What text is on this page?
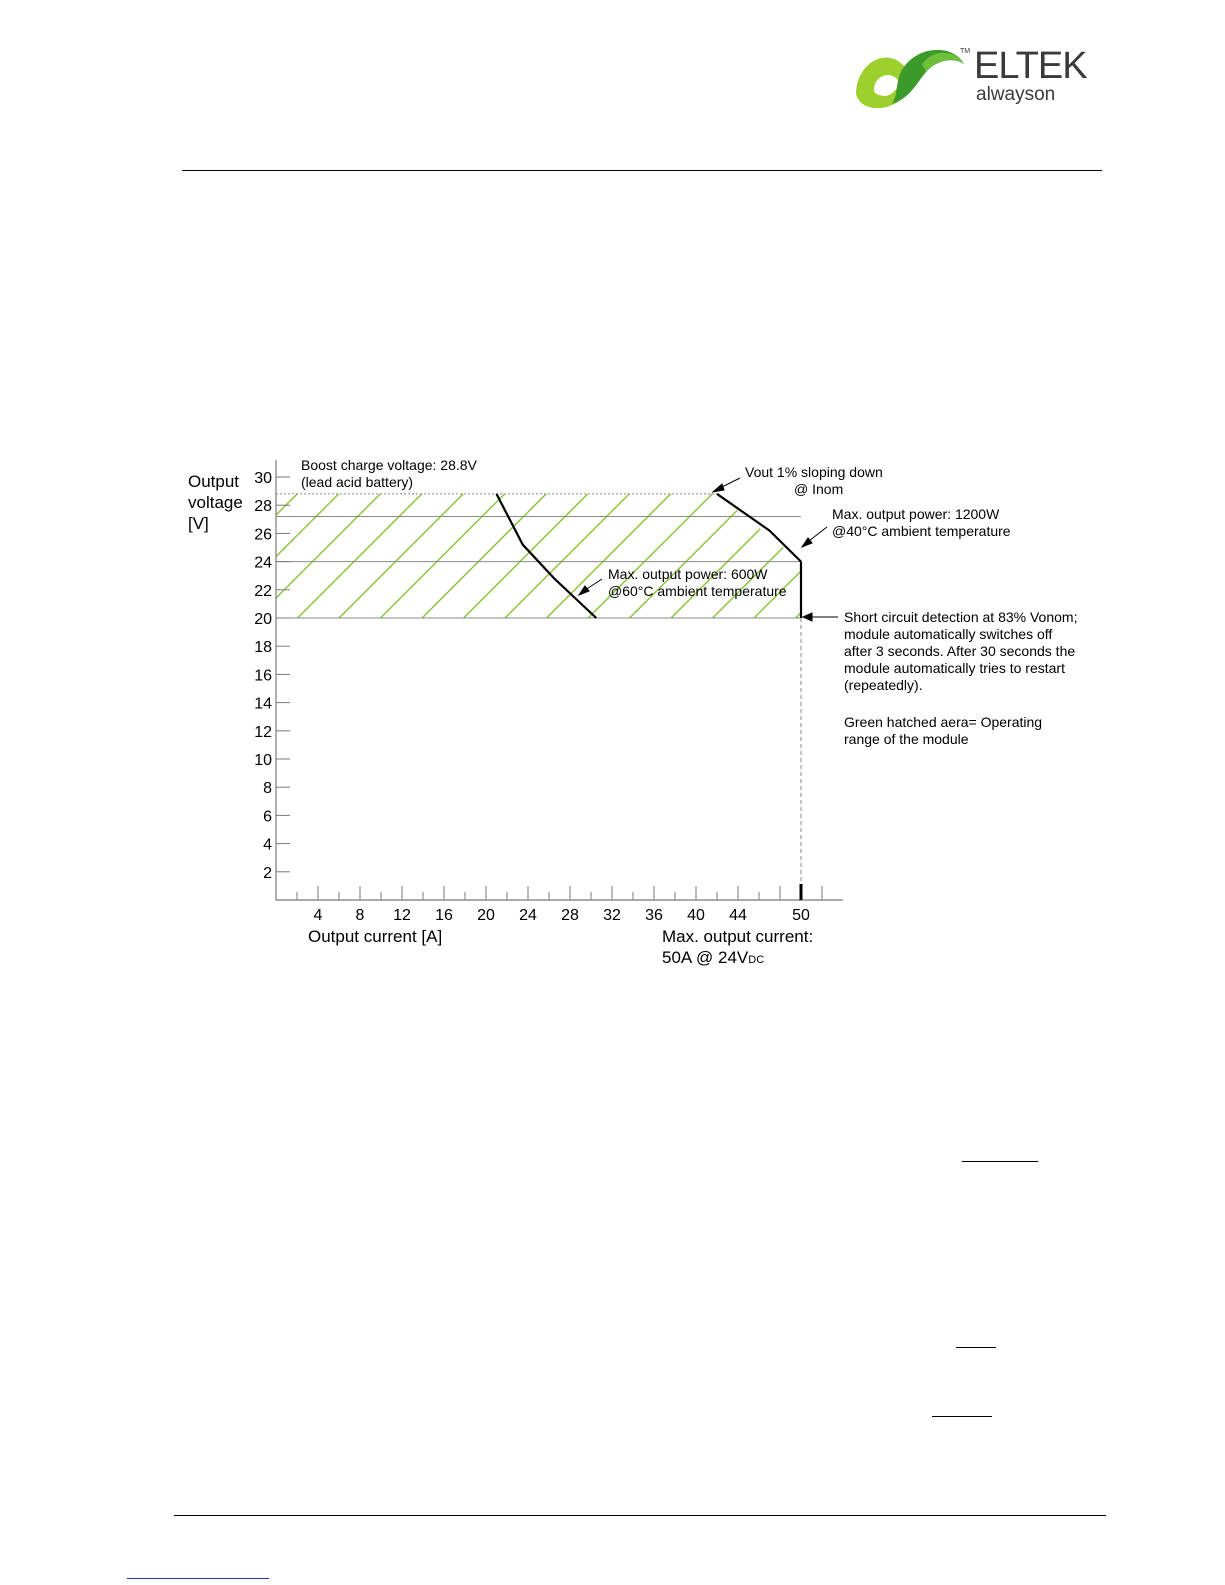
TM ELTEK
alwayson
2
4
6
8
10
12
14
16
18
20
22
24
26
28
30
4 8 12 16 20 24 28 32 36 40 44	50
Output
voltage
[V]
Output current [A]
Boost charge voltage: 28.8V
(lead acid battery)
Vout 1% sloping down
@ Inom
Max. output power: 1200W
@40°C ambient temperature
Max. output power: 600W
@60°C ambient temperature
Short circuit detection at 83% Vonom;
module automatically switches off
after 3 seconds. After 30 seconds the
module automatically tries to restart
(repeatedly).
Green hatched aera= Operating
range of the module
Max. output current:
50A @ 24VDC
